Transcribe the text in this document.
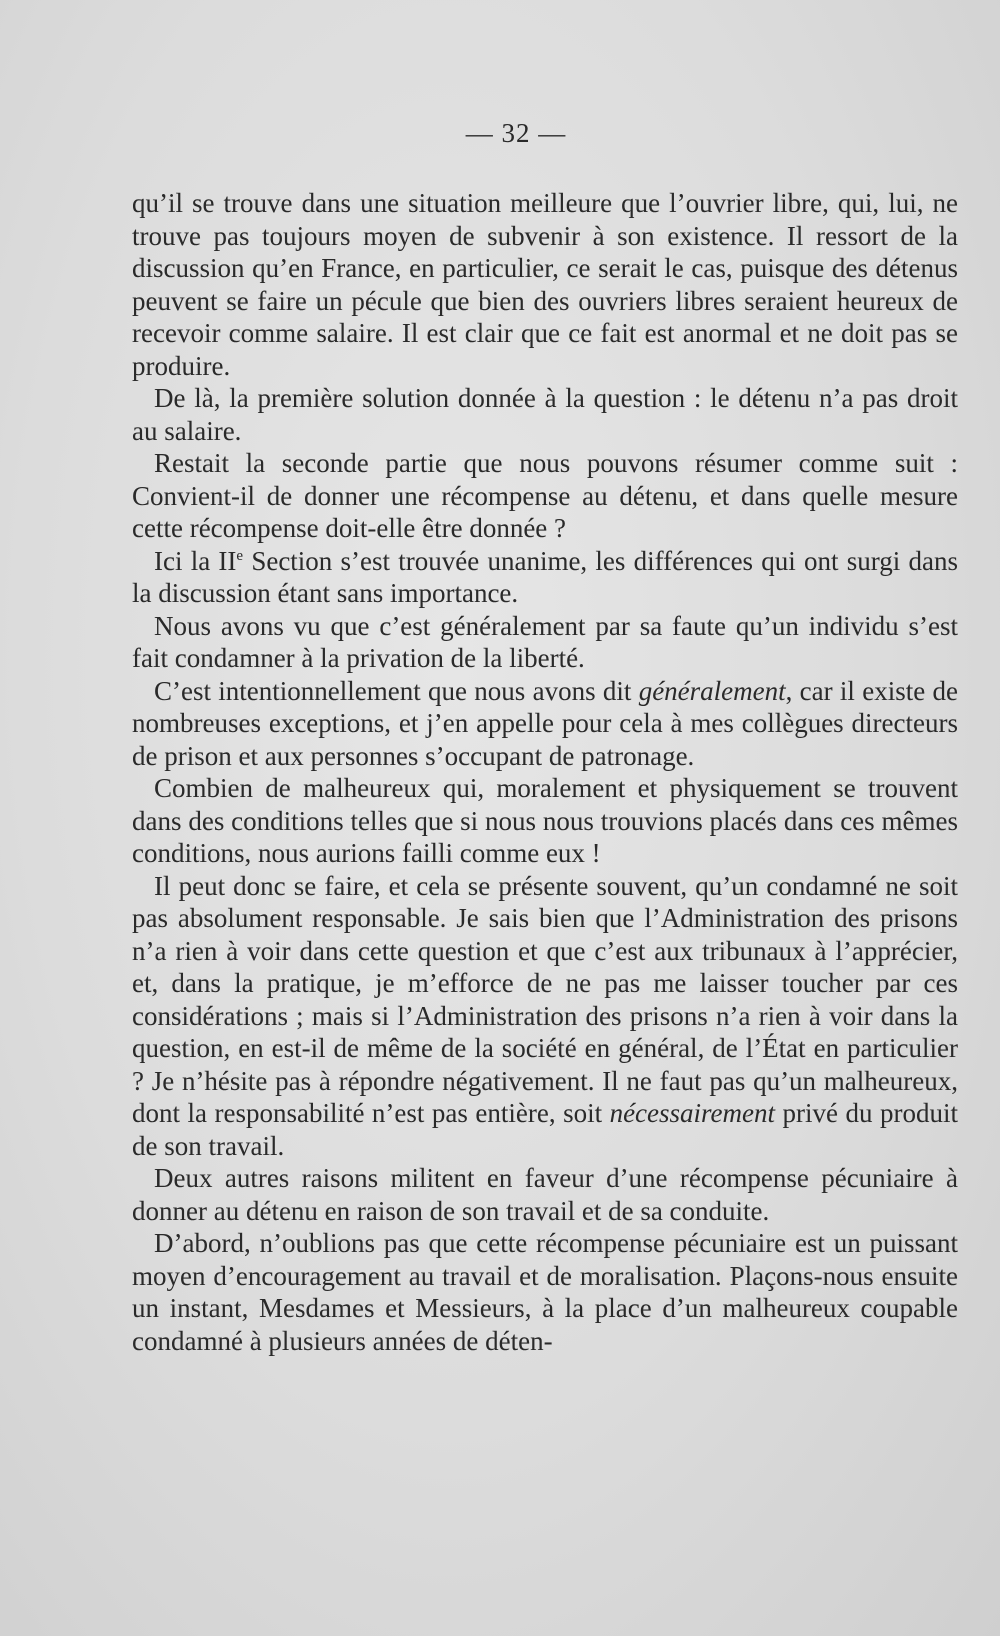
— 32 —

qu’il se trouve dans une situation meilleure que l’ouvrier libre, qui, lui, ne trouve pas toujours moyen de subvenir à son existence. Il ressort de la discussion qu’en France, en particulier, ce serait le cas, puisque des détenus peuvent se faire un pécule que bien des ouvriers libres seraient heureux de recevoir comme salaire. Il est clair que ce fait est anormal et ne doit pas se produire.

De là, la première solution donnée à la question : le détenu n’a pas droit au salaire.

Restait la seconde partie que nous pouvons résumer comme suit : Convient-il de donner une récompense au détenu, et dans quelle mesure cette récompense doit-elle être donnée ?

Ici la IIe Section s’est trouvée unanime, les différences qui ont surgi dans la discussion étant sans importance.

Nous avons vu que c’est généralement par sa faute qu’un individu s’est fait condamner à la privation de la liberté.

C’est intentionnellement que nous avons dit généralement, car il existe de nombreuses exceptions, et j’en appelle pour cela à mes collègues directeurs de prison et aux personnes s’occupant de patronage.

Combien de malheureux qui, moralement et physiquement se trouvent dans des conditions telles que si nous nous trouvions placés dans ces mêmes conditions, nous aurions failli comme eux !

Il peut donc se faire, et cela se présente souvent, qu’un condamné ne soit pas absolument responsable. Je sais bien que l’Administration des prisons n’a rien à voir dans cette question et que c’est aux tribunaux à l’apprécier, et, dans la pratique, je m’efforce de ne pas me laisser toucher par ces considérations ; mais si l’Administration des prisons n’a rien à voir dans la question, en est-il de même de la société en général, de l’État en particulier ? Je n’hésite pas à répondre négativement. Il ne faut pas qu’un malheureux, dont la responsabilité n’est pas entière, soit nécessairement privé du produit de son travail.

Deux autres raisons militent en faveur d’une récompense pécuniaire à donner au détenu en raison de son travail et de sa conduite.

D’abord, n’oublions pas que cette récompense pécuniaire est un puissant moyen d’encouragement au travail et de moralisation. Plaçons-nous ensuite un instant, Mesdames et Messieurs, à la place d’un malheureux coupable condamné à plusieurs années de déten-
